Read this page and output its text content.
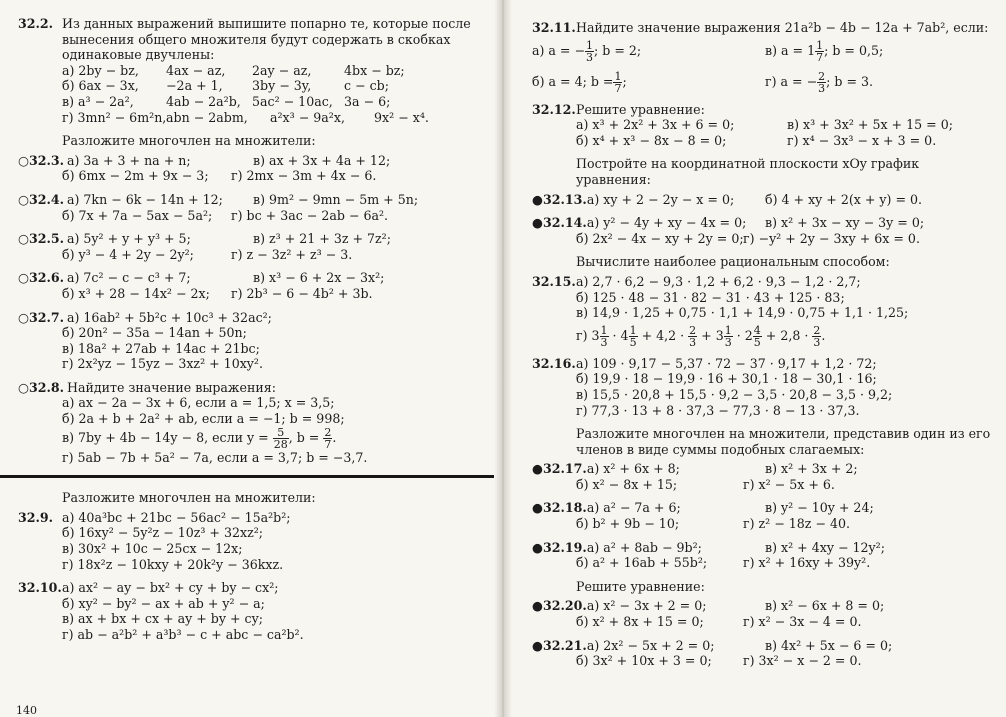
32.2. Из данных выражений выпишите попарно те, которые после вынесения общего множителя будут содержать в скобках одинаковые двучлены:
а) 2by − bz,	4ax − az,	2ay − az,	4bx − bz;
б) 6ax − 3x,	−2a + 1,	3by − 3y,	c − cb;
в) a³ − 2a²,	4ab − 2a²b, 5ac² − 10ac, 3a − 6;
г) 3mn² − 6m²n, abn − 2abm,	a²x³ − 9a²x,	9x² − x⁴.
Разложите многочлен на множители:
○32.3. а) 3a + 3 + na + n;	в) ax + 3x + 4a + 12;
б) 6mx − 2m + 9x − 3;	г) 2mx − 3m + 4x − 6.
○32.4. а) 7kn − 6k − 14n + 12;	в) 9m² − 9mn − 5m + 5n;
б) 7x + 7a − 5ax − 5a²;	г) bc + 3ac − 2ab − 6a².
○32.5. а) 5y² + y + y³ + 5;	в) z³ + 21 + 3z + 7z²;
б) y³ − 4 + 2y − 2y²;	г) z − 3z² + z³ − 3.
○32.6. а) 7c² − c − c³ + 7;	в) x³ − 6 + 2x − 3x²;
б) x³ + 28 − 14x² − 2x;	г) 2b³ − 6 − 4b² + 3b.
○32.7. а) 16ab² + 5b²c + 10c³ + 32ac²;
б) 20n² − 35a − 14an + 50n;
в) 18a² + 27ab + 14ac + 21bc;
г) 2x²yz − 15yz − 3xz² + 10xy².
○32.8. Найдите значение выражения:
а) ax − 2a − 3x + 6, если a = 1,5; x = 3,5;
б) 2a + b + 2a² + ab, если a = −1; b = 998;
в) 7by + 4b − 14y − 8, если $y = \frac{5}{28}$ , $b = \frac{2}{7}$ .
г) 5ab − 7b + 5a² − 7a, если a = 3,7; b = −3,7.
Разложите многочлен на множители:
32.9. а) 40a³bc + 21bc − 56ac² − 15a²b²;
б) 16xy² − 5y²z − 10z³ + 32xz²;
в) 30x² + 10c − 25cx − 12x;
г) 18x²z − 10kxy + 20k²y − 36kxz.
32.10.а) ax² − ay − bx² + cy + by − cx²;
б) xy² − by² − ax + ab + y² − a;
в) ax + bx + cx + ay + by + cy;
г) ab − a²b² + a³b³ − c + abc − ca²b².
140
32.11.Найдите значение выражения 21a²b − 4b − 12a + 7ab², если:
а) a = − $\frac{1}{3}$ ; b = 2;	в) $a = 1 \frac{1}{7}$ ; b = 0,5;
б) a = 4; $b = \frac{1}{7}$ ;	г) a = − $\frac{2}{3}$ ; b = 3.
32.12.Решите уравнение:
а) x³ + 2x² + 3x + 6 = 0;	в) x³ + 3x² + 5x + 15 = 0;
б) x⁴ + x³ − 8x − 8 = 0;	г) x⁴ − 3x³ − x + 3 = 0.
Постройте на координатной плоскости xOy график уравнения:
●32.13.а) xy + 2 − 2y − x = 0;	б) 4 + xy + 2(x + y) = 0.
●32.14.а) y² − 4y + xy − 4x = 0;	в) x² + 3x − xy − 3y = 0;
б) 2x² − 4x − xy + 2y = 0; г) −y² + 2y − 3xy + 6x = 0.
Вычислите наиболее рациональным способом:
32.15.а) 2,7 · 6,2 − 9,3 · 1,2 + 6,2 · 9,3 − 1,2 · 2,7;
б) 125 · 48 − 31 · 82 − 31 · 43 + 125 · 83;
в) 14,9 · 1,25 + 0,75 · 1,1 + 14,9 · 0,75 + 1,1 · 1,25;
г) $3 \frac{1}{3} \cdot 4 \frac{1}{5} + 4,2 \cdot \frac{2}{3} + 3 \frac{1}{3} \cdot 2 \frac{4}{5} + 2,8 \cdot \frac{2}{3}$ .
32.16.а) 109 · 9,17 − 5,37 · 72 − 37 · 9,17 + 1,2 · 72;
б) 19,9 · 18 − 19,9 · 16 + 30,1 · 18 − 30,1 · 16;
в) 15,5 · 20,8 + 15,5 · 9,2 − 3,5 · 20,8 − 3,5 · 9,2;
г) 77,3 · 13 + 8 · 37,3 − 77,3 · 8 − 13 · 37,3.
Разложите многочлен на множители, представив один из его членов в виде суммы подобных слагаемых:
●32.17.а) x² + 6x + 8;	в) x² + 3x + 2;
б) x² − 8x + 15;	г) x² − 5x + 6.
●32.18.а) a² − 7a + 6;	в) y² − 10y + 24;
б) b² + 9b − 10;	г) z² − 18z − 40.
●32.19.а) a² + 8ab − 9b²;	в) x² + 4xy − 12y²;
б) a² + 16ab + 55b²;	г) x² + 16xy + 39y².
Решите уравнение:
●32.20.а) x² − 3x + 2 = 0;	в) x² − 6x + 8 = 0;
б) x² + 8x + 15 = 0;	г) x² − 3x − 4 = 0.
●32.21.а) 2x² − 5x + 2 = 0;	в) 4x² + 5x − 6 = 0;
б) 3x² + 10x + 3 = 0;	г) 3x² − x − 2 = 0.
